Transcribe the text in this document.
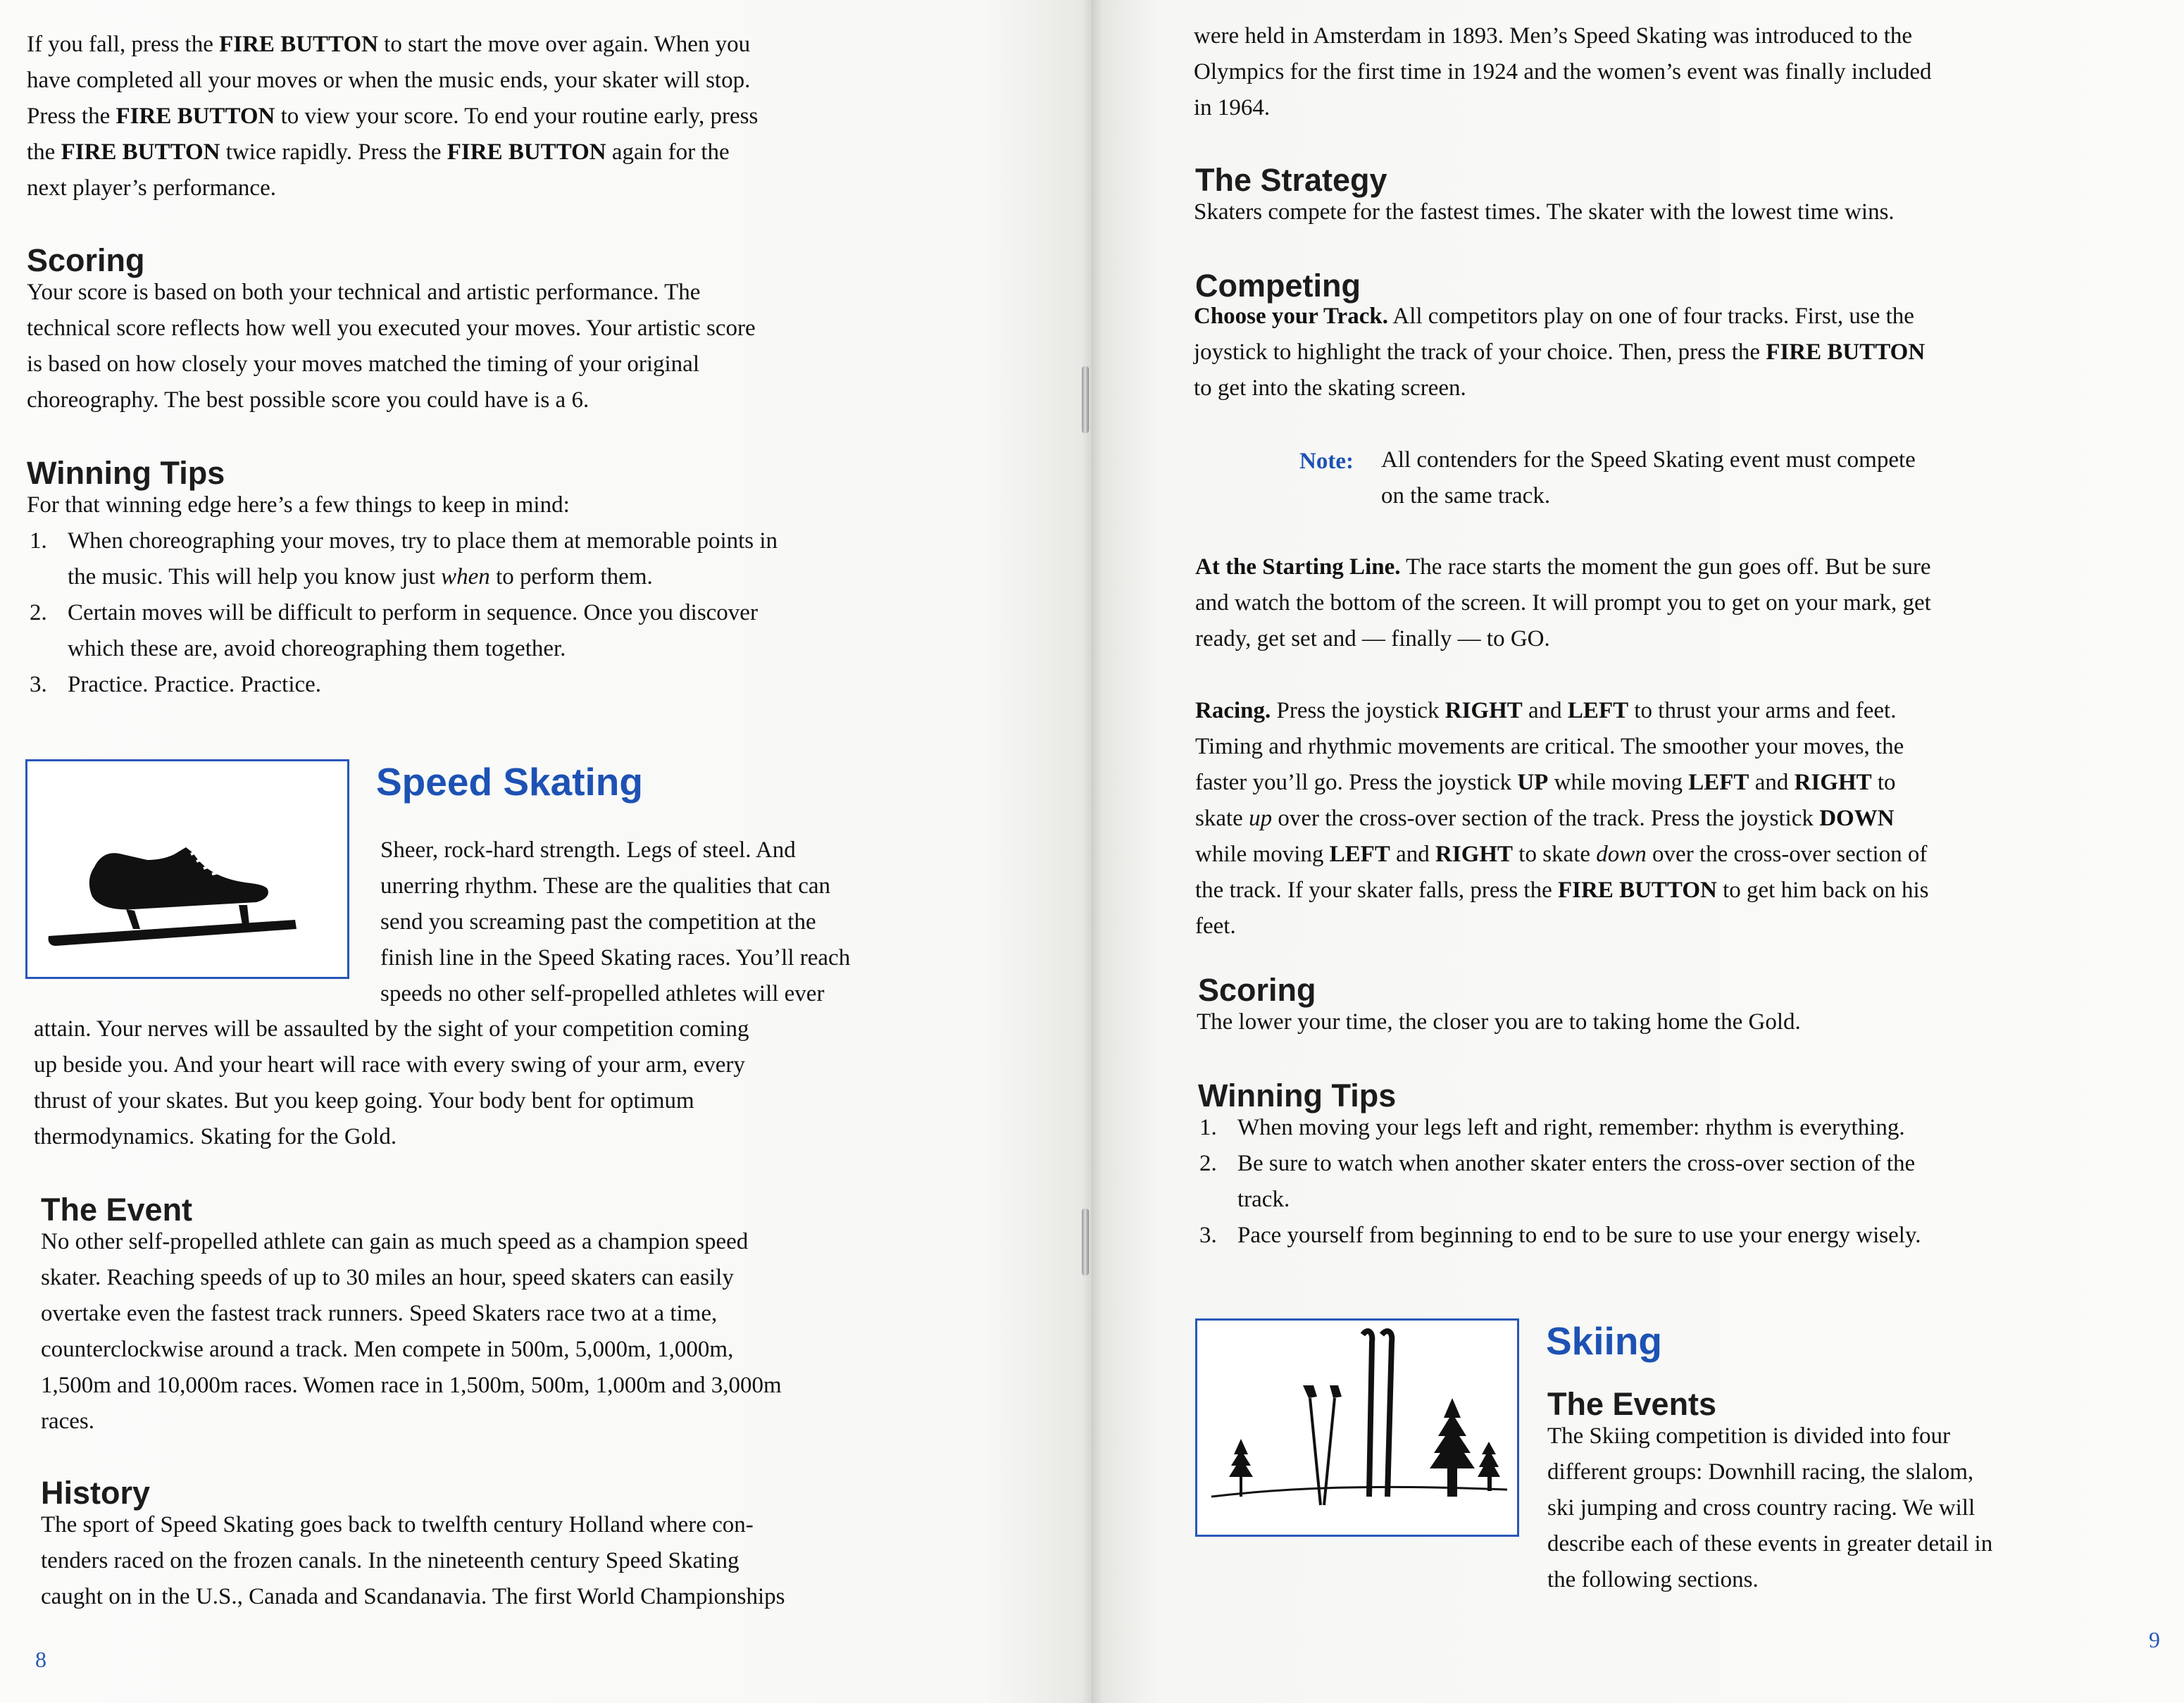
If you fall, press the FIRE BUTTON to start the move over again. When you
have completed all your moves or when the music ends, your skater will stop.
Press the FIRE BUTTON to view your score. To end your routine early, press
the FIRE BUTTON twice rapidly. Press the FIRE BUTTON again for the
next player’s performance.
Scoring
Your score is based on both your technical and artistic performance. The
technical score reflects how well you executed your moves. Your artistic score
is based on how closely your moves matched the timing of your original
choreography. The best possible score you could have is a 6.
Winning Tips

For that winning edge here’s a few things to keep in mind:

1. When choreographing your moves, try to place them at memorable points in
the music. This will help you know just when to perform them.
2. Certain moves will be difficult to perform in sequence. Once you discover
which these are, avoid choreographing them together.
3. Practice. Practice. Practice.
Speed Skating
Sheer, rock-hard strength. Legs of steel. And
unerring rhythm. These are the qualities that can
send you screaming past the competition at the
finish line in the Speed Skating races. You’ll reach
speeds no other self-propelled athletes will ever
attain. Your nerves will be assaulted by the sight of your competition coming
up beside you. And your heart will race with every swing of your arm, every
thrust of your skates. But you keep going. Your body bent for optimum
thermodynamics. Skating for the Gold.
The Event
No other self-propelled athlete can gain as much speed as a champion speed
skater. Reaching speeds of up to 30 miles an hour, speed skaters can easily
overtake even the fastest track runners. Speed Skaters race two at a time,
counterclockwise around a track. Men compete in 500m, 5,000m, 1,000m,
1,500m and 10,000m races. Women race in 1,500m, 500m, 1,000m and 3,000m
races.
History
The sport of Speed Skating goes back to twelfth century Holland where con-
tenders raced on the frozen canals. In the nineteenth century Speed Skating
caught on in the U.S., Canada and Scandanavia. The first World Championships
8
were held in Amsterdam in 1893. Men’s Speed Skating was introduced to the
Olympics for the first time in 1924 and the women’s event was finally included
in 1964.
The Strategy
Skaters compete for the fastest times. The skater with the lowest time wins.
Competing
Choose your Track. All competitors play on one of four tracks. First, use the
joystick to highlight the track of your choice. Then, press the FIRE BUTTON
to get into the skating screen.
Note: All contenders for the Speed Skating event must compete
on the same track.
At the Starting Line. The race starts the moment the gun goes off. But be sure
and watch the bottom of the screen. It will prompt you to get on your mark, get
ready, get set and — finally — to GO.
Racing. Press the joystick RIGHT and LEFT to thrust your arms and feet.
Timing and rhythmic movements are critical. The smoother your moves, the
faster you’ll go. Press the joystick UP while moving LEFT and RIGHT to
skate up over the cross-over section of the track. Press the joystick DOWN
while moving LEFT and RIGHT to skate down over the cross-over section of
the track. If your skater falls, press the FIRE BUTTON to get him back on his
feet.
Scoring
The lower your time, the closer you are to taking home the Gold.
Winning Tips
1. When moving your legs left and right, remember: rhythm is everything.
2. Be sure to watch when another skater enters the cross-over section of the
track.
3. Pace yourself from beginning to end to be sure to use your energy wisely.
Skiing
The Events
The Skiing competition is divided into four
different groups: Downhill racing, the slalom,
ski jumping and cross country racing. We will
describe each of these events in greater detail in
the following sections.
9
